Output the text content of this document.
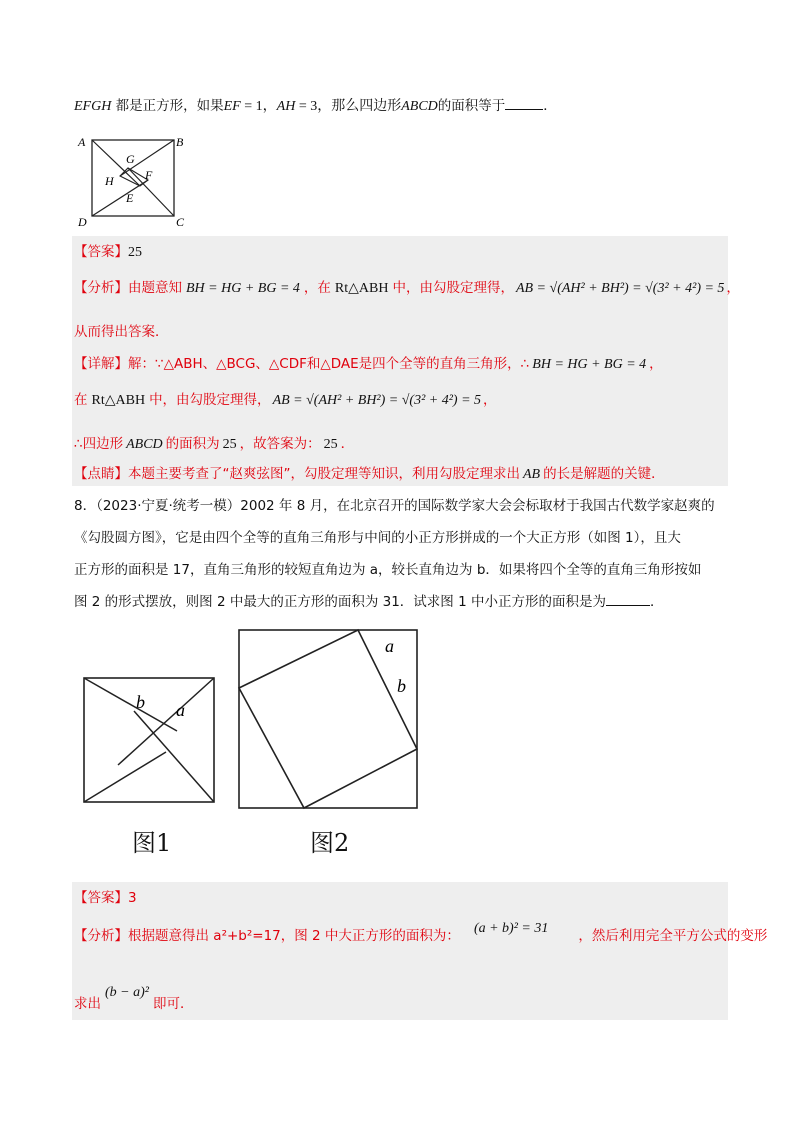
EFGH 都是正方形，如果EF = 1，AH = 3，那么四边形ABCD的面积等于	．
A	B
C
D
G
H	F
E
【答案】25
【分析】由题意知 BH = HG + BG = 4 ，在 Rt△ABH 中，由勾股定理得， AB = √(AH² + BH²) = √(3² + 4²) = 5 ，
从而得出答案．
【详解】解：∵△ABH、△BCG、△CDF和△DAE是四个全等的直角三角形，∴ BH = HG + BG = 4 ，
在 Rt△ABH 中，由勾股定理得， AB = √(AH² + BH²) = √(3² + 4²) = 5 ，
∴四边形 ABCD 的面积为 25 ，故答案为： 25 ．
【点睛】本题主要考查了“赵爽弦图”，勾股定理等知识，利用勾股定理求出 AB 的长是解题的关键．
8．（2023·宁夏·统考一模）2002 年 8 月，在北京召开的国际数学家大会会标取材于我国古代数学家赵爽的
《勾股圆方图》，它是由四个全等的直角三角形与中间的小正方形拼成的一个大正方形（如图 1），且大
正方形的面积是 17，直角三角形的较短直角边为 a，较长直角边为 b．如果将四个全等的直角三角形按如
图 2 的形式摆放，则图 2 中最大的正方形的面积为 31．试求图 1 中小正方形的面积是为	．
b a
a
b
图1	图2
【答案】3
【分析】根据题意得出 a²+b²=17，图 2 中大正方形的面积为： (a + b)² = 31 ，然后利用完全平方公式的变形
求出(b − a)²即可．
